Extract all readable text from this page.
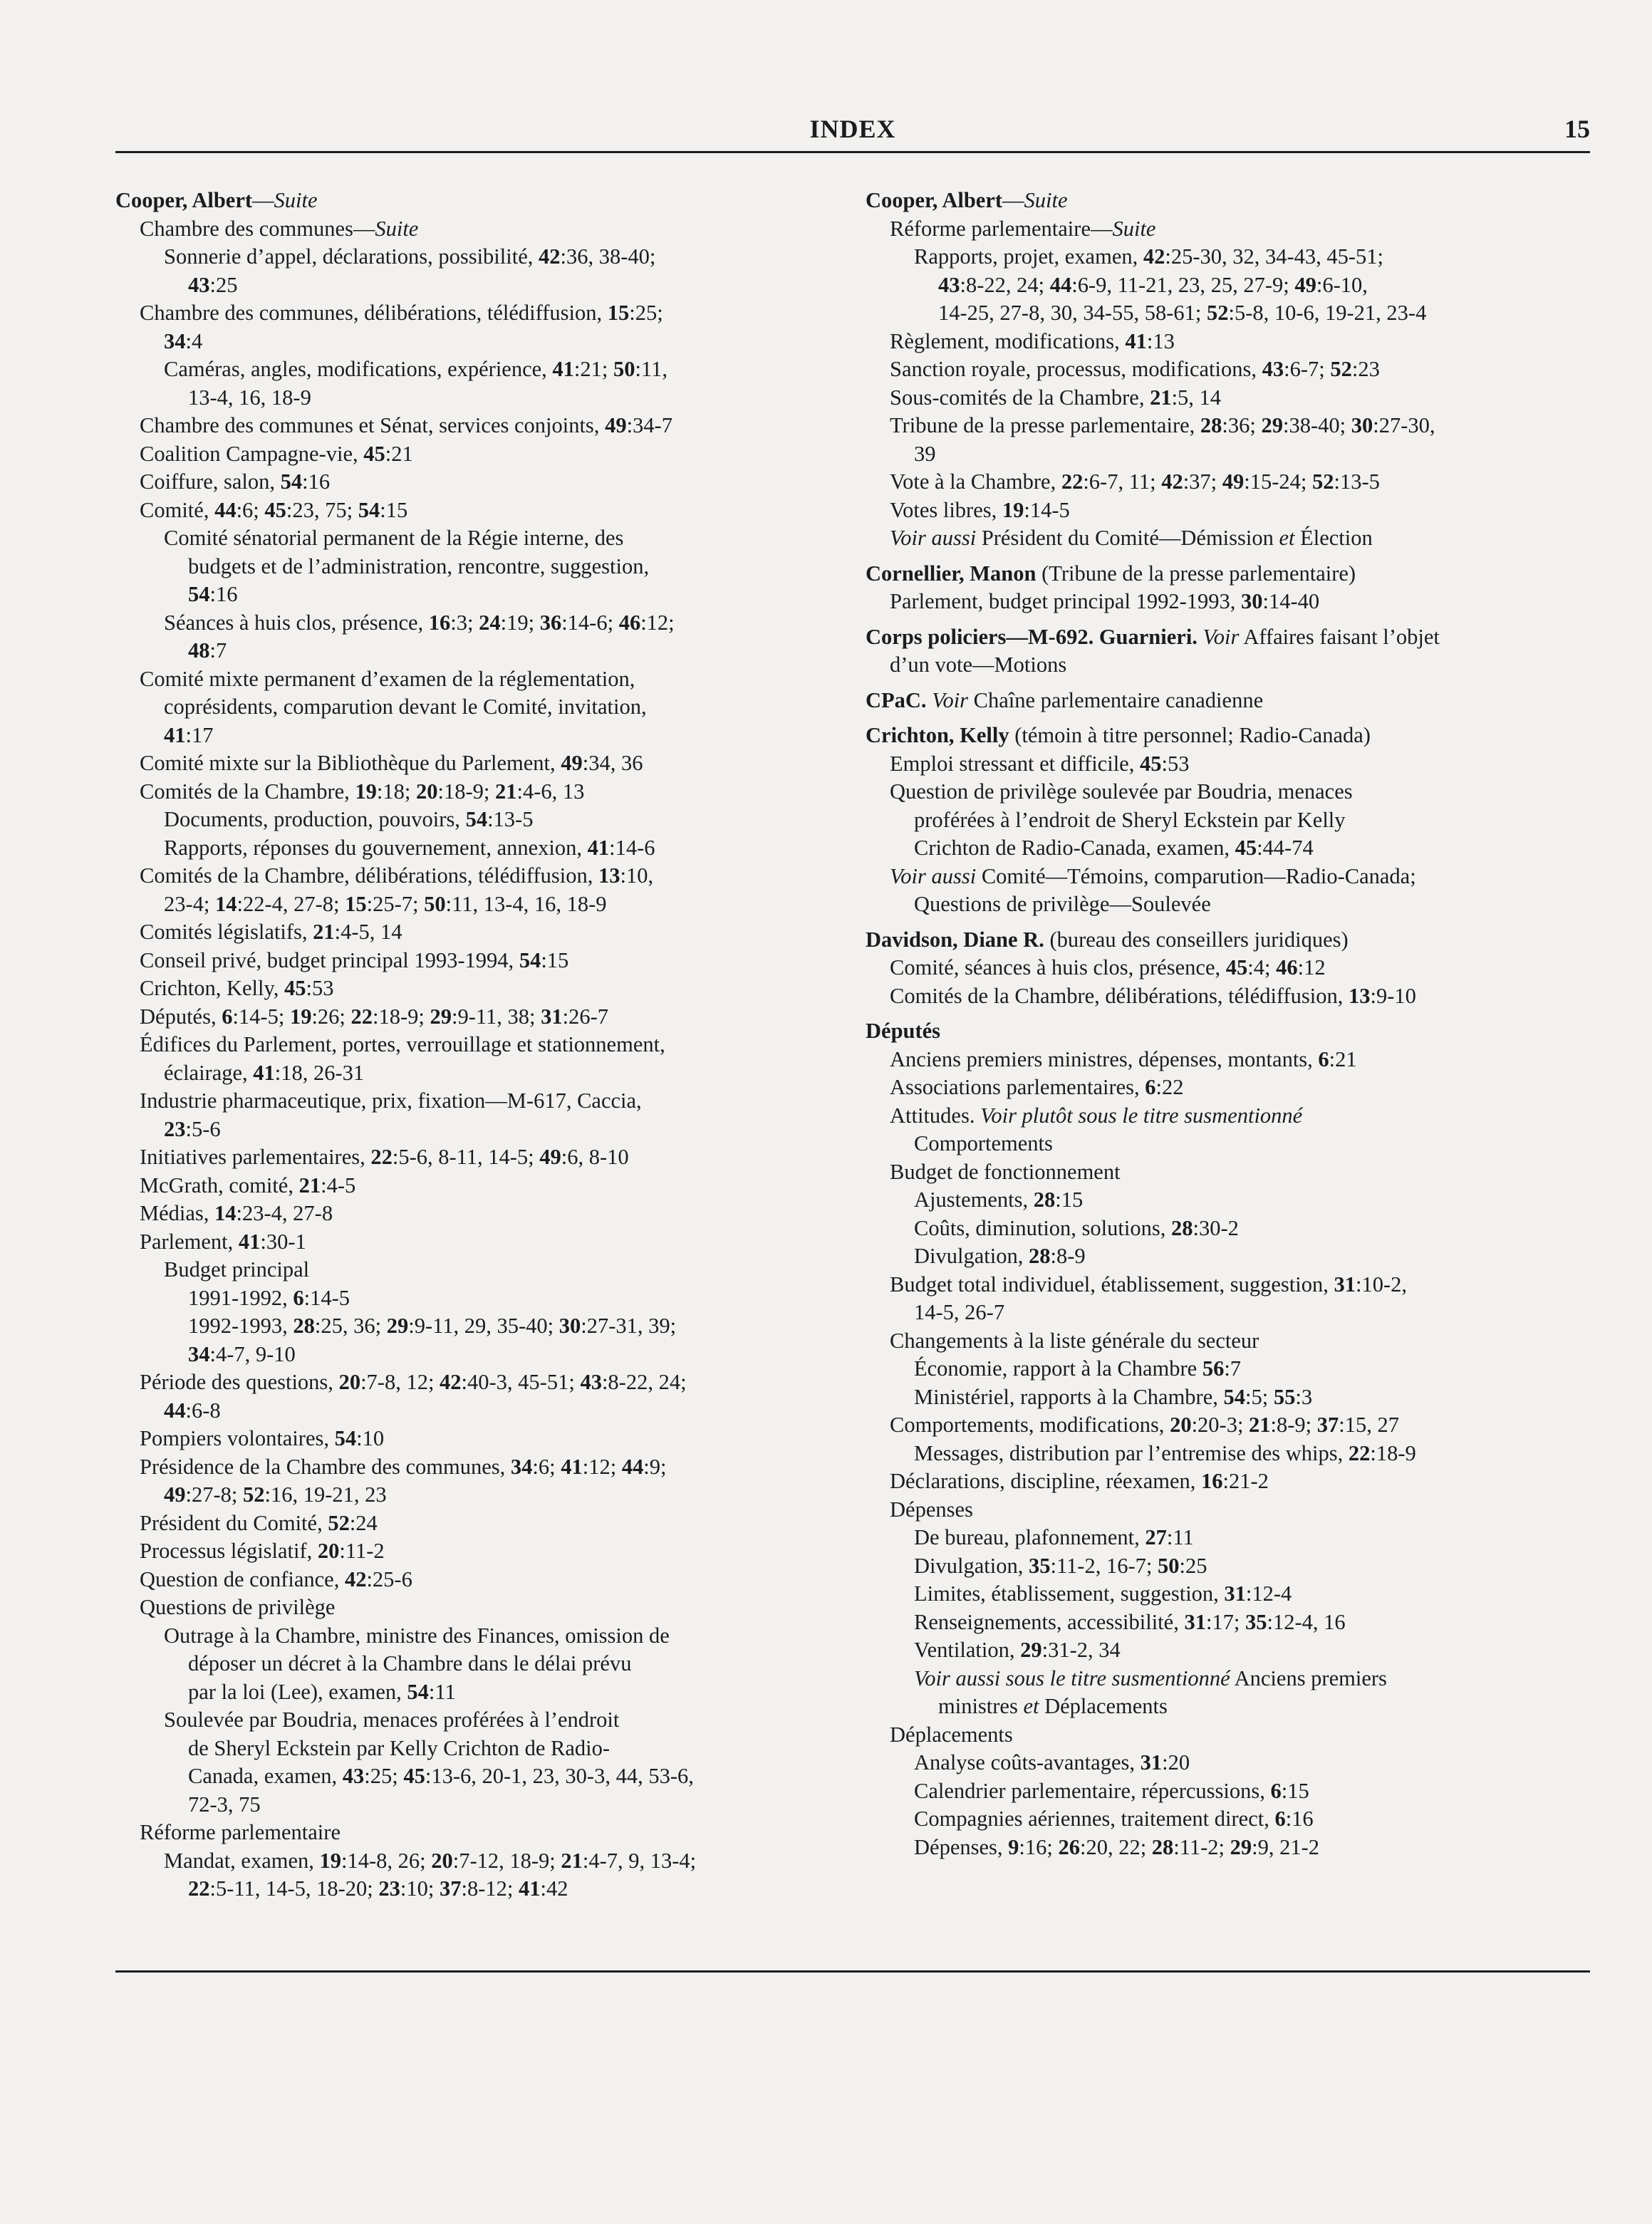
INDEX	15
Cooper, Albert—Suite
Chambre des communes—Suite
Sonnerie d’appel, déclarations, possibilité, 42:36, 38-40;
43:25
Chambre des communes, délibérations, télédiffusion, 15:25;
34:4
Caméras, angles, modifications, expérience, 41:21; 50:11,
13-4, 16, 18-9
Chambre des communes et Sénat, services conjoints, 49:34-7
Coalition Campagne-vie, 45:21
Coiffure, salon, 54:16
Comité, 44:6; 45:23, 75; 54:15
Comité sénatorial permanent de la Régie interne, des
budgets et de l’administration, rencontre, suggestion,
54:16
Séances à huis clos, présence, 16:3; 24:19; 36:14-6; 46:12;
48:7
Comité mixte permanent d’examen de la réglementation,
coprésidents, comparution devant le Comité, invitation,
41:17
Comité mixte sur la Bibliothèque du Parlement, 49:34, 36
Comités de la Chambre, 19:18; 20:18-9; 21:4-6, 13
Documents, production, pouvoirs, 54:13-5
Rapports, réponses du gouvernement, annexion, 41:14-6
Comités de la Chambre, délibérations, télédiffusion, 13:10,
23-4; 14:22-4, 27-8; 15:25-7; 50:11, 13-4, 16, 18-9
Comités législatifs, 21:4-5, 14
Conseil privé, budget principal 1993-1994, 54:15
Crichton, Kelly, 45:53
Députés, 6:14-5; 19:26; 22:18-9; 29:9-11, 38; 31:26-7
Édifices du Parlement, portes, verrouillage et stationnement,
éclairage, 41:18, 26-31
Industrie pharmaceutique, prix, fixation—M-617, Caccia,
23:5-6
Initiatives parlementaires, 22:5-6, 8-11, 14-5; 49:6, 8-10
McGrath, comité, 21:4-5
Médias, 14:23-4, 27-8
Parlement, 41:30-1
Budget principal
1991-1992, 6:14-5
1992-1993, 28:25, 36; 29:9-11, 29, 35-40; 30:27-31, 39;
34:4-7, 9-10
Période des questions, 20:7-8, 12; 42:40-3, 45-51; 43:8-22, 24;
44:6-8
Pompiers volontaires, 54:10
Présidence de la Chambre des communes, 34:6; 41:12; 44:9;
49:27-8; 52:16, 19-21, 23
Président du Comité, 52:24
Processus législatif, 20:11-2
Question de confiance, 42:25-6
Questions de privilège
Outrage à la Chambre, ministre des Finances, omission de
déposer un décret à la Chambre dans le délai prévu
par la loi (Lee), examen, 54:11
Soulevée par Boudria, menaces proférées à l’endroit
de Sheryl Eckstein par Kelly Crichton de Radio-
Canada, examen, 43:25; 45:13-6, 20-1, 23, 30-3, 44, 53-6,
72-3, 75
Réforme parlementaire
Mandat, examen, 19:14-8, 26; 20:7-12, 18-9; 21:4-7, 9, 13-4;
22:5-11, 14-5, 18-20; 23:10; 37:8-12; 41:42
Cooper, Albert—Suite
Réforme parlementaire—Suite
Rapports, projet, examen, 42:25-30, 32, 34-43, 45-51;
43:8-22, 24; 44:6-9, 11-21, 23, 25, 27-9; 49:6-10,
14-25, 27-8, 30, 34-55, 58-61; 52:5-8, 10-6, 19-21, 23-4
Règlement, modifications, 41:13
Sanction royale, processus, modifications, 43:6-7; 52:23
Sous-comités de la Chambre, 21:5, 14
Tribune de la presse parlementaire, 28:36; 29:38-40; 30:27-30,
39
Vote à la Chambre, 22:6-7, 11; 42:37; 49:15-24; 52:13-5
Votes libres, 19:14-5
Voir aussi Président du Comité—Démission et Élection
Cornellier, Manon (Tribune de la presse parlementaire)
Parlement, budget principal 1992-1993, 30:14-40
Corps policiers—M-692. Guarnieri. Voir Affaires faisant l’objet
d’un vote—Motions
CPaC. Voir Chaîne parlementaire canadienne
Crichton, Kelly (témoin à titre personnel; Radio-Canada)
Emploi stressant et difficile, 45:53
Question de privilège soulevée par Boudria, menaces
proférées à l’endroit de Sheryl Eckstein par Kelly
Crichton de Radio-Canada, examen, 45:44-74
Voir aussi Comité—Témoins, comparution—Radio-Canada;
Questions de privilège—Soulevée
Davidson, Diane R. (bureau des conseillers juridiques)
Comité, séances à huis clos, présence, 45:4; 46:12
Comités de la Chambre, délibérations, télédiffusion, 13:9-10
Députés
Anciens premiers ministres, dépenses, montants, 6:21
Associations parlementaires, 6:22
Attitudes. Voir plutôt sous le titre susmentionné
Comportements
Budget de fonctionnement
Ajustements, 28:15
Coûts, diminution, solutions, 28:30-2
Divulgation, 28:8-9
Budget total individuel, établissement, suggestion, 31:10-2,
14-5, 26-7
Changements à la liste générale du secteur
Économie, rapport à la Chambre 56:7
Ministériel, rapports à la Chambre, 54:5; 55:3
Comportements, modifications, 20:20-3; 21:8-9; 37:15, 27
Messages, distribution par l’entremise des whips, 22:18-9
Déclarations, discipline, réexamen, 16:21-2
Dépenses
De bureau, plafonnement, 27:11
Divulgation, 35:11-2, 16-7; 50:25
Limites, établissement, suggestion, 31:12-4
Renseignements, accessibilité, 31:17; 35:12-4, 16
Ventilation, 29:31-2, 34
Voir aussi sous le titre susmentionné Anciens premiers
ministres et Déplacements
Déplacements
Analyse coûts-avantages, 31:20
Calendrier parlementaire, répercussions, 6:15
Compagnies aériennes, traitement direct, 6:16
Dépenses, 9:16; 26:20, 22; 28:11-2; 29:9, 21-2
